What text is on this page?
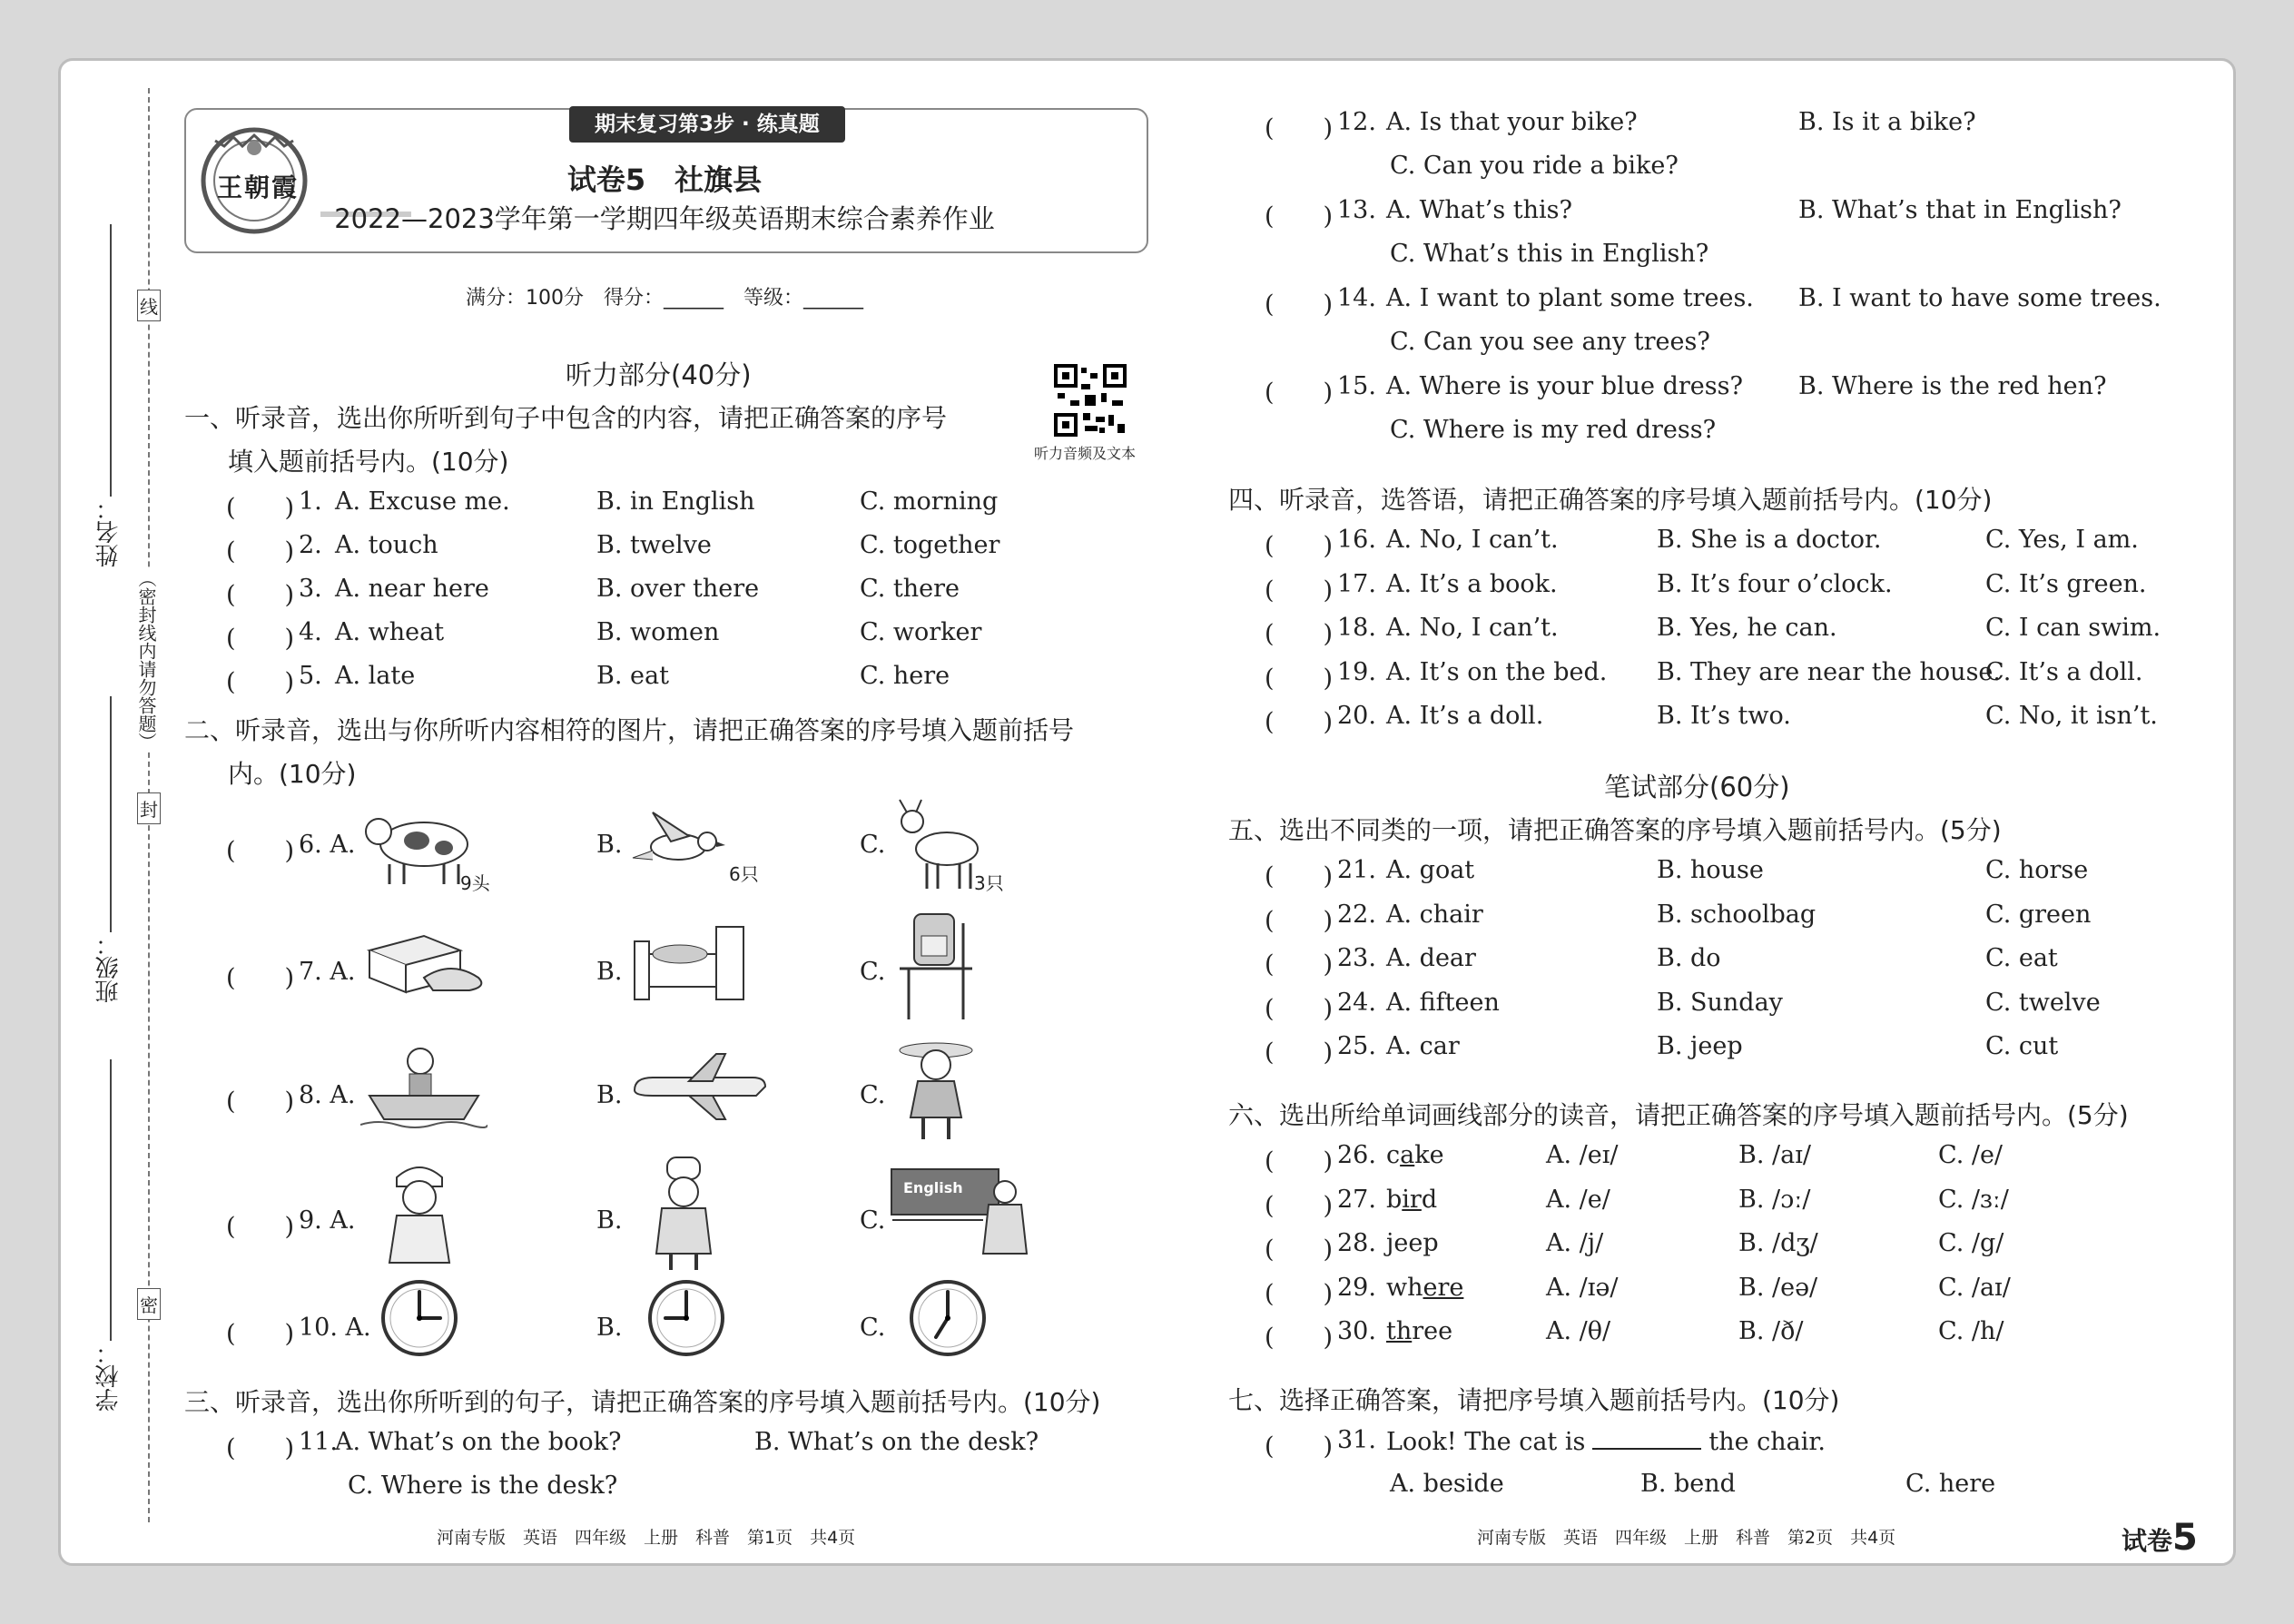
姓名：
班级：
学校：
线
封
密
（密封线内请勿答题）
王朝霞
期末复习第3步 · 练真题
试卷5　社旗县
2022—2023学年第一学期四年级英语期末综合素养作业
满分：100分　得分：______　等级：______
听力音频及文本
听力部分(40分)
一、听录音，选出你所听到句子中包含的内容，请把正确答案的序号
填入题前括号内。(10分)
二、听录音，选出与你所听内容相符的图片，请把正确答案的序号填入题前括号
内。(10分)
(　　) 6. A.
9头
B.
6只
C.
3只
(　　) 7. A.	B.	C.
(　　) 8. A.	B.	C.
(　　) 9. A.	B.	C.
English
(　　) 10. A.	B.	C.
三、听录音，选出你所听到的句子，请把正确答案的序号填入题前括号内。(10分)
(　　) 11.
A. What’s on the book?	B. What’s on the desk?
C. Where is the desk?
河南专版　英语　四年级　上册　科普　第1页　共4页
四、听录音，选答语，请把正确答案的序号填入题前括号内。(10分)
笔试部分(60分)
五、选出不同类的一项，请把正确答案的序号填入题前括号内。(5分)
六、选出所给单词画线部分的读音，请把正确答案的序号填入题前括号内。(5分)
七、选择正确答案，请把序号填入题前括号内。(10分)
(　　) 31. Look! The cat is	the chair.
A. beside	B. bend	C. here
河南专版　英语　四年级　上册　科普　第2页　共4页	试卷5
(　　) 1. A. Excuse me.	B. in English	C. morning
(　　) 2. A. touch	B. twelve	C. together
(　　) 3. A. near here	B. over there	C. there
(　　) 4. A. wheat	B. women	C. worker
(　　) 5. A. late	B. eat	C. here
(　　) 12. A. Is that your bike?	B. Is it a bike?
C. Can you ride a bike?
(　　) 13. A. What’s this?	B. What’s that in English?
C. What’s this in English?
(　　) 14. A. I want to plant some trees. B. I want to have some trees.
C. Can you see any trees?
(　　) 15. A. Where is your blue dress? B. Where is the red hen?
C. Where is my red dress?
(　　) 16. A. No, I can’t.	B. She is a doctor.	C. Yes, I am.
(　　) 17. A. It’s a book.	B. It’s four o’clock.	C. It’s green.
(　　) 18. A. No, I can’t.	B. Yes, he can.	C. I can swim.
(　　) 19. A. It’s on the bed. B. They are near the house.
C. It’s a doll.
(　　) 20. A. It’s a doll.	B. It’s two.	C. No, it isn’t.
(　　) 21. A. goat	B. house	C. horse
(　　) 22. A. chair	B. schoolbag	C. green
(　　) 23. A. dear	B. do	C. eat
(　　) 24. A. fifteen	B. Sunday	C. twelve
(　　) 25. A. car	B. jeep	C. cut
(　　) 26. cake	A. /eɪ/	B. /aɪ/	C. /e/
(　　) 27. bird	A. /e/	B. /ɔː/	C. /ɜː/
(　　) 28. jeep	A. /j/	B. /dʒ/	C. /g/
(　　) 29. where	A. /ɪə/	B. /eə/	C. /aɪ/
(　　) 30. three	A. /θ/	B. /ð/	C. /h/
